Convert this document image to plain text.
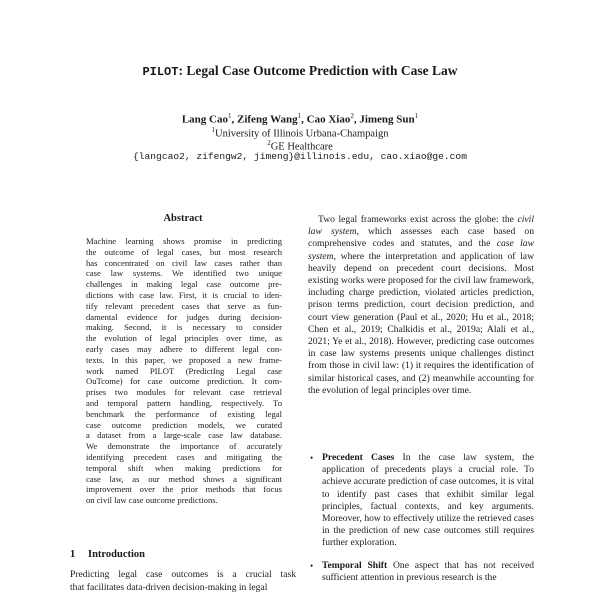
PILOT: Legal Case Outcome Prediction with Case Law
Lang Cao$^1$, Zifeng Wang$^1$, Cao Xiao$^2$, Jimeng Sun$^1$
$^1$University of Illinois Urbana-Champaign
$^2$GE Healthcare
{langcao2, zifengw2, jimeng}@illinois.edu, cao.xiao@ge.com
Abstract

Machine learning shows promise in predicting
the outcome of legal cases, but most research
has concentrated on civil law cases rather than
case law systems. We identified two unique
challenges in making legal case outcome pre-
dictions with case law. First, it is crucial to iden-
tify relevant precedent cases that serve as fun-
damental evidence for judges during decision-
making. Second, it is necessary to consider
the evolution of legal principles over time, as
early cases may adhere to different legal con-
texts. In this paper, we proposed a new frame-
work named PILOT (PredictIng Legal case
OuTcome) for case outcome prediction. It com-
prises two modules for relevant case retrieval
and temporal pattern handling, respectively. To
benchmark the performance of existing legal
case outcome prediction models, we curated
a dataset from a large-scale case law database.
We demonstrate the importance of accurately
identifying precedent cases and mitigating the
temporal shift when making predictions for
case law, as our method shows a significant
improvement over the prior methods that focus
on civil law case outcome predictions.

1 Introduction
Predicting legal case outcomes is a crucial task
that facilitates data-driven decision-making in legal

Two legal frameworks exist across the globe: the civil law system, which assesses each case based on comprehensive codes and statutes, and the case law system, where the interpretation and application of law heavily depend on precedent court decisions. Most existing works were proposed for the civil law framework, including charge prediction, violated articles prediction, prison terms prediction, court decision prediction, and court view generation (Paul et al., 2020; Hu et al., 2018; Chen et al., 2019; Chalkidis et al., 2019a; Alali et al., 2021; Ye et al., 2018). However, predicting case outcomes in case law systems presents unique challenges distinct from those in civil law: (1) it requires the identification of similar historical cases, and (2) meanwhile accounting for the evolution of legal principles over time.

• Precedent Cases In the case law system, the application of precedents plays a crucial role. To achieve accurate prediction of case outcomes, it is vital to identify past cases that exhibit similar legal principles, factual contexts, and key arguments. Moreover, how to effectively utilize the retrieved cases in the prediction of new case outcomes still requires further exploration.
• Temporal Shift One aspect that has not received sufficient attention in previous research is the
